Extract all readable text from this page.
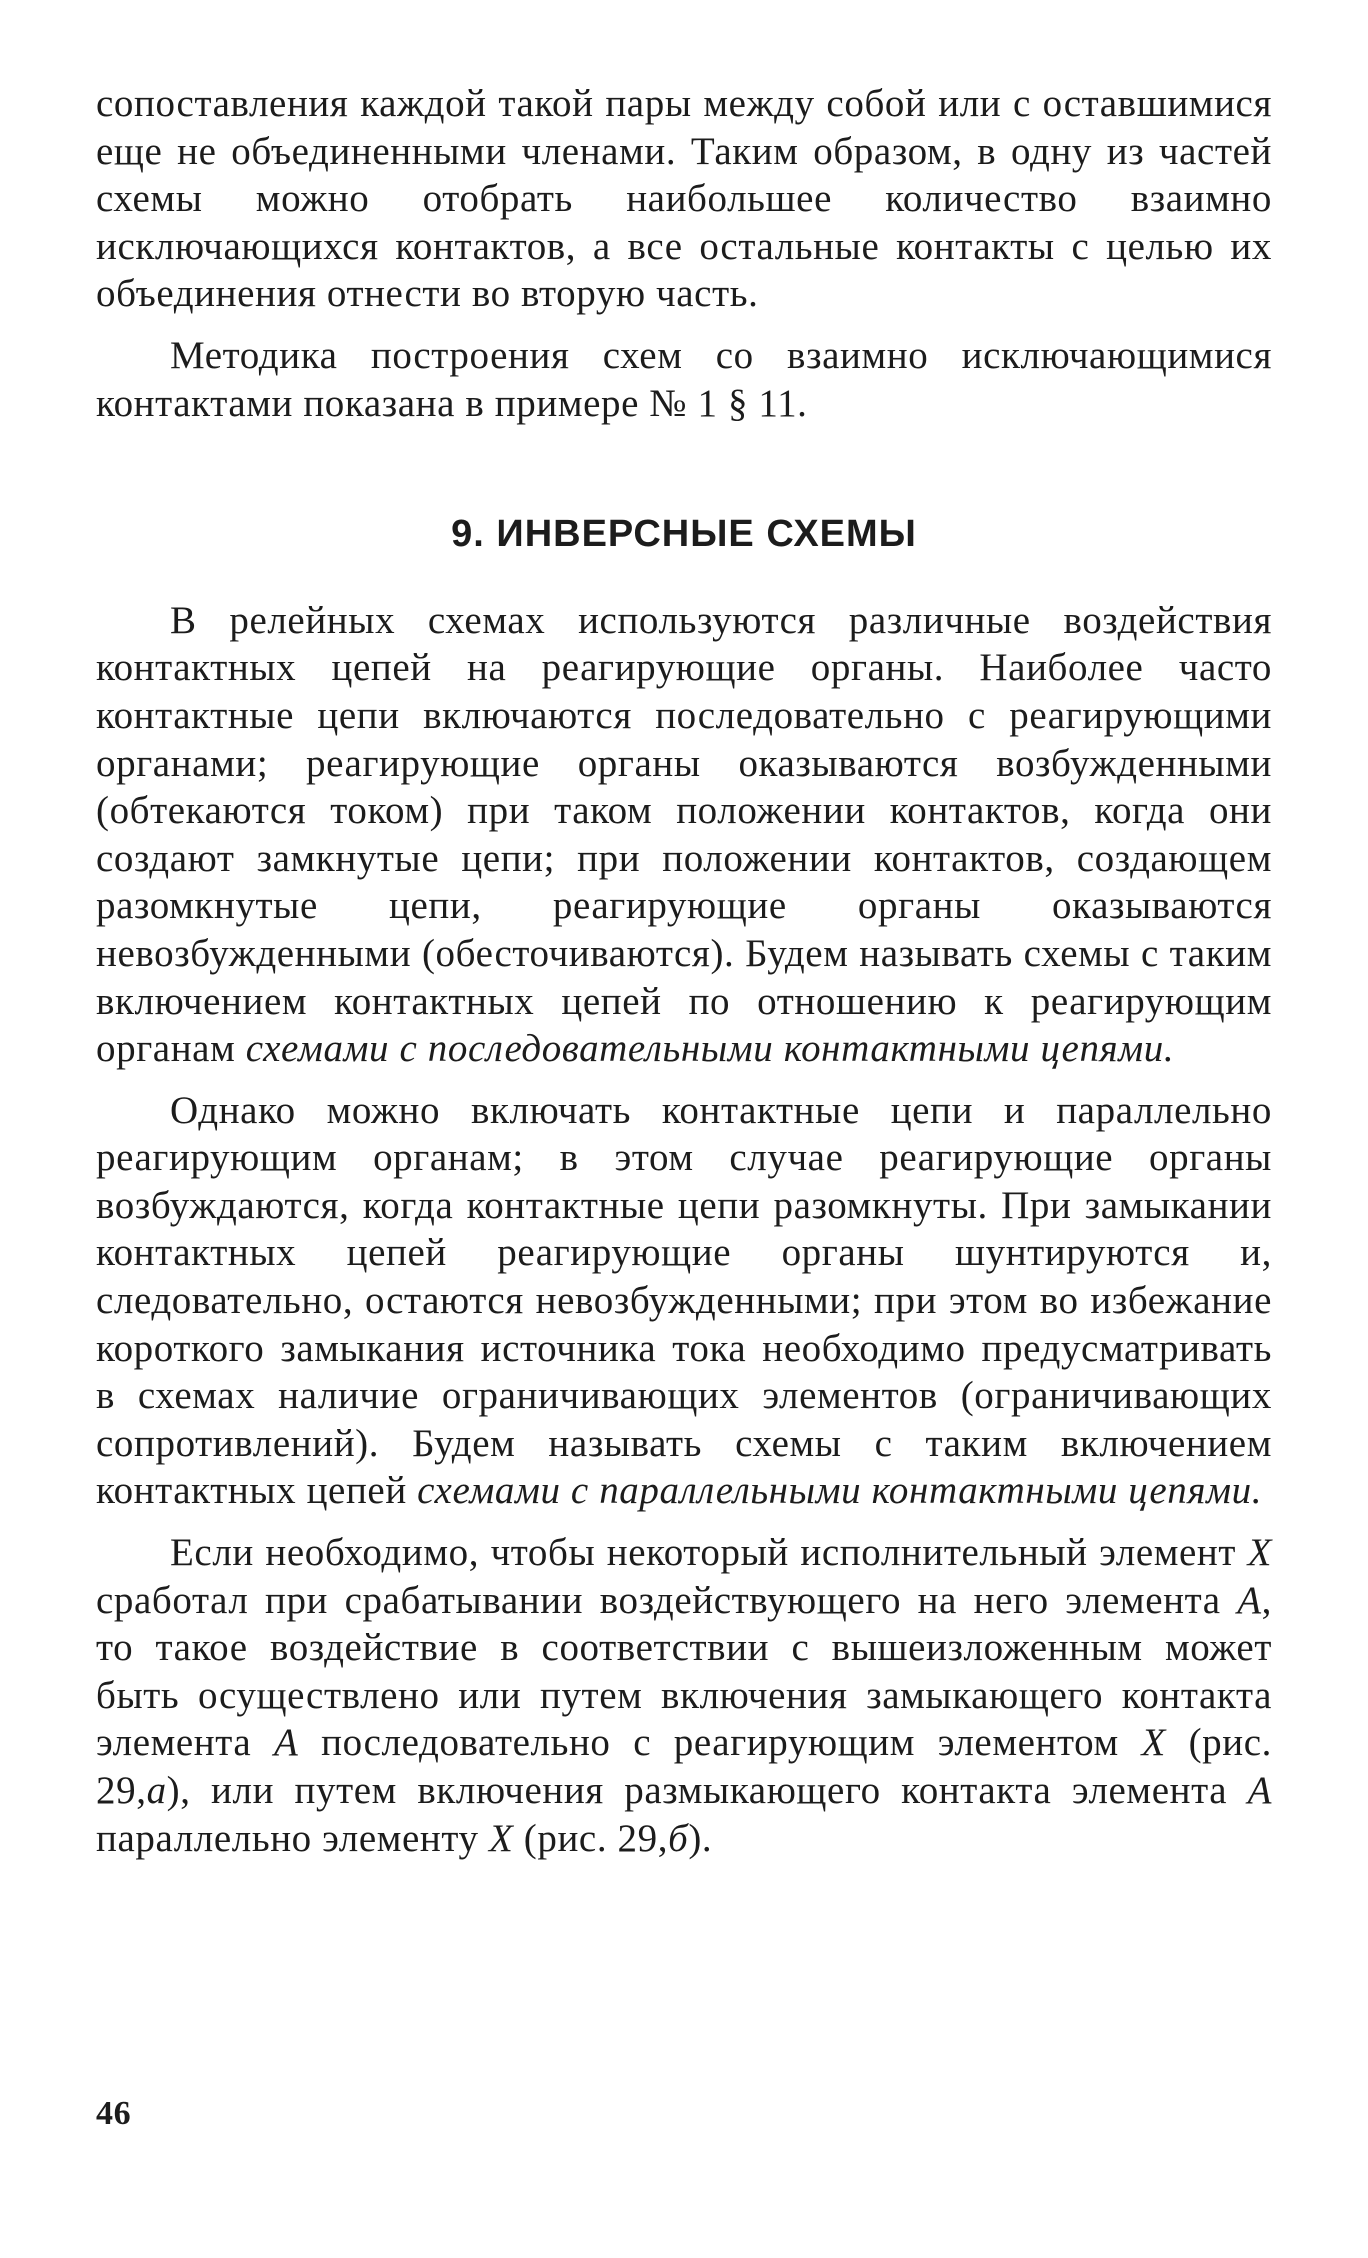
сопоставления каждой такой пары между собой или с оставшимися еще не объединенными членами. Таким образом, в одну из частей схемы можно отобрать наибольшее количество взаимно исключающихся контактов, а все остальные контакты с целью их объединения отнести во вторую часть.

Методика построения схем со взаимно исключающимися контактами показана в примере № 1 § 11.

9. ИНВЕРСНЫЕ СХЕМЫ

В релейных схемах используются различные воздействия контактных цепей на реагирующие органы. Наиболее часто контактные цепи включаются последовательно с реагирующими органами; реагирующие органы оказываются возбужденными (обтекаются током) при таком положении контактов, когда они создают замкнутые цепи; при положении контактов, создающем разомкнутые цепи, реагирующие органы оказываются невозбужденными (обесточиваются). Будем называть схемы с таким включением контактных цепей по отношению к реагирующим органам схемами с последовательными контактными цепями.

Однако можно включать контактные цепи и параллельно реагирующим органам; в этом случае реагирующие органы возбуждаются, когда контактные цепи разомкнуты. При замыкании контактных цепей реагирующие органы шунтируются и, следовательно, остаются невозбужденными; при этом во избежание короткого замыкания источника тока необходимо предусматривать в схемах наличие ограничивающих элементов (ограничивающих сопротивлений). Будем называть схемы с таким включением контактных цепей схемами с параллельными контактными цепями.

Если необходимо, чтобы некоторый исполнительный элемент X сработал при срабатывании воздействующего на него элемента A, то такое воздействие в соответствии с вышеизложенным может быть осуществлено или путем включения замыкающего контакта элемента A последовательно с реагирующим элементом X (рис. 29,а), или путем включения размыкающего контакта элемента A параллельно элементу X (рис. 29,б).

46
